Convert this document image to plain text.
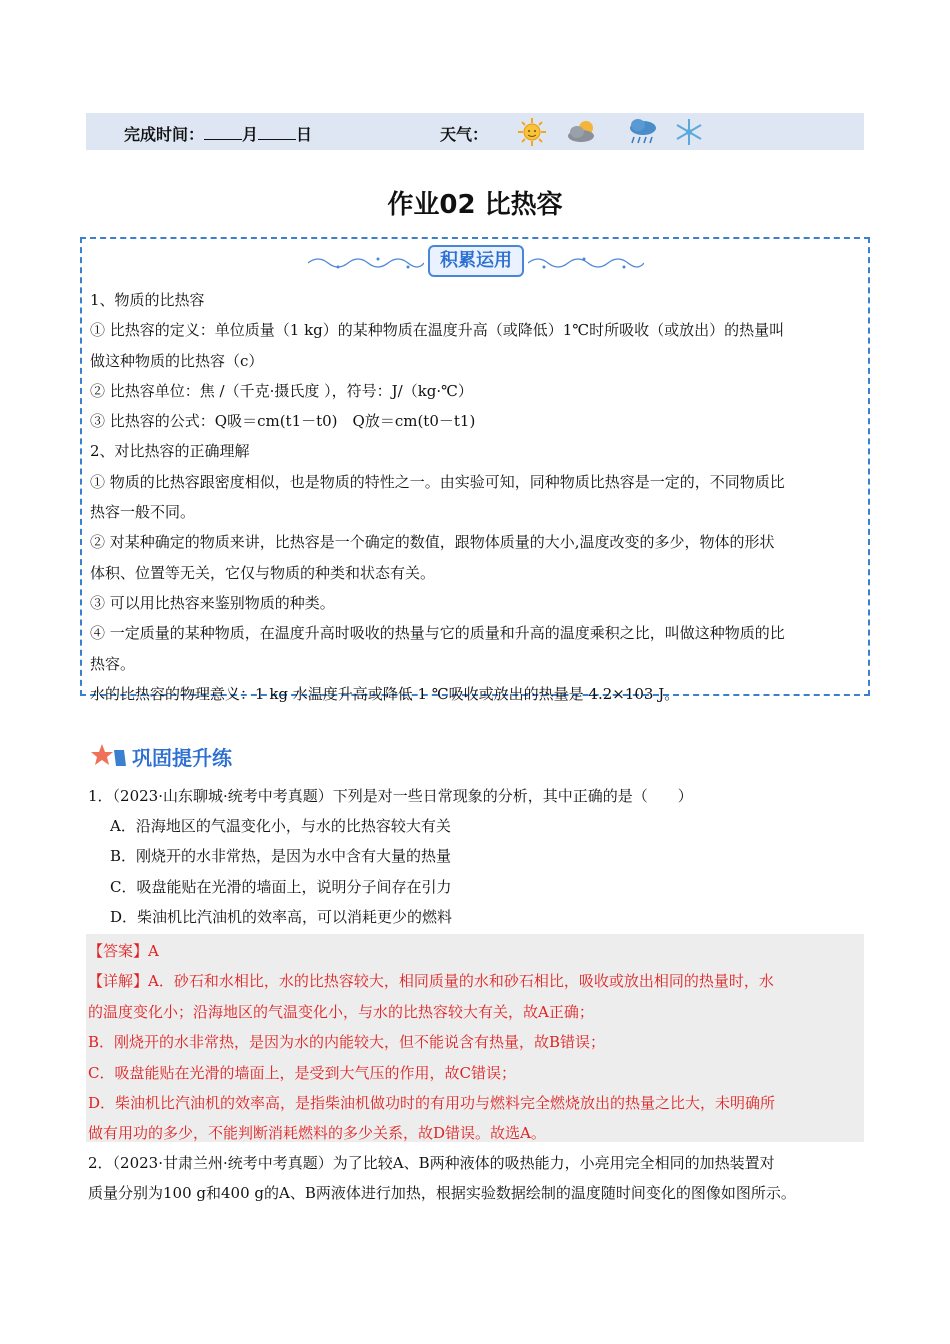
完成时间： 月 日	天气：
作业02 比热容
积累运用
1、物质的比热容
① 比热容的定义：单位质量（1 kg）的某种物质在温度升高（或降低）1℃时所吸收（或放出）的热量叫
做这种物质的比热容（c）
② 比热容单位：焦 /（千克·摄氏度 ），符号：J/（kg·℃）
③ 比热容的公式：Q吸＝cm(t1－t0)　Q放＝cm(t0－t1)
2、对比热容的正确理解
① 物质的比热容跟密度相似，也是物质的特性之一。由实验可知，同种物质比热容是一定的，不同物质比
热容一般不同。
② 对某种确定的物质来讲，比热容是一个确定的数值，跟物体质量的大小,温度改变的多少，物体的形状
体积、位置等无关，它仅与物质的种类和状态有关。
③ 可以用比热容来鉴别物质的种类。
④ 一定质量的某种物质，在温度升高时吸收的热量与它的质量和升高的温度乘积之比，叫做这种物质的比
热容。
水的比热容的物理意义：1 kg 水温度升高或降低 1 ℃吸收或放出的热量是 4.2×103 J。
巩固提升练
1．（2023·山东聊城·统考中考真题）下列是对一些日常现象的分析，其中正确的是（　　）
A．沿海地区的气温变化小，与水的比热容较大有关
B．刚烧开的水非常热，是因为水中含有大量的热量
C．吸盘能贴在光滑的墙面上，说明分子间存在引力
D．柴油机比汽油机的效率高，可以消耗更少的燃料
【答案】A
【详解】A．砂石和水相比，水的比热容较大，相同质量的水和砂石相比，吸收或放出相同的热量时，水
的温度变化小；沿海地区的气温变化小，与水的比热容较大有关，故A正确；
B．刚烧开的水非常热，是因为水的内能较大，但不能说含有热量，故B错误；
C．吸盘能贴在光滑的墙面上，是受到大气压的作用，故C错误；
D．柴油机比汽油机的效率高，是指柴油机做功时的有用功与燃料完全燃烧放出的热量之比大，未明确所
做有用功的多少，不能判断消耗燃料的多少关系，故D错误。故选A。
2．（2023·甘肃兰州·统考中考真题）为了比较A、B两种液体的吸热能力，小亮用完全相同的加热装置对
质量分别为100 g和400 g的A、B两液体进行加热，根据实验数据绘制的温度随时间变化的图像如图所示。
